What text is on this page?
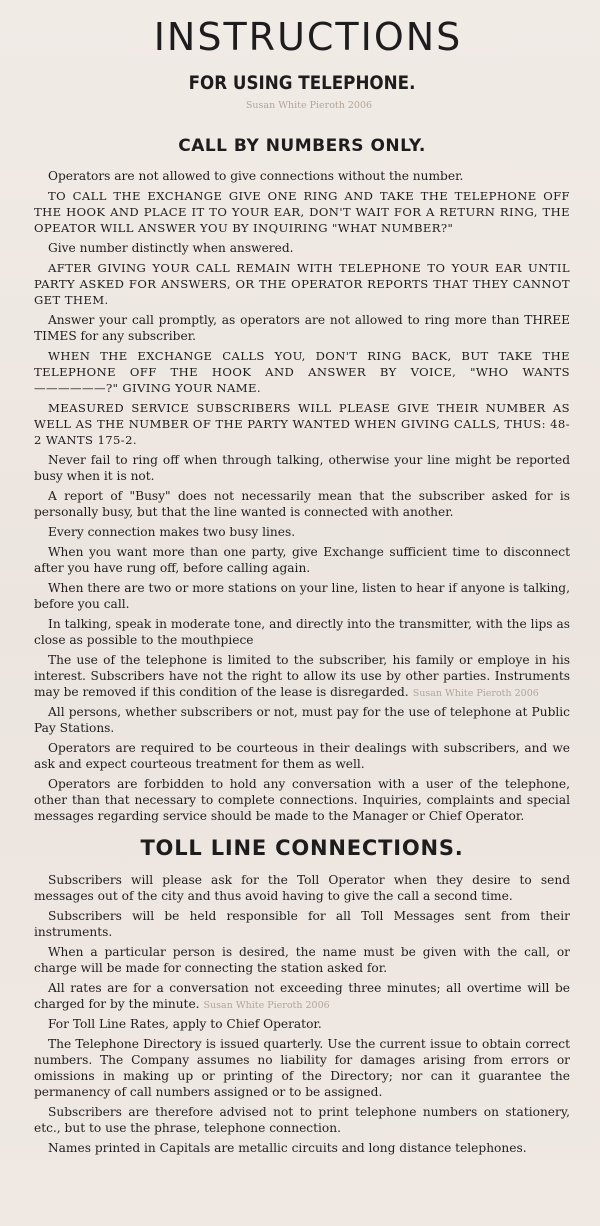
INSTRUCTIONS
FOR USING TELEPHONE.
Susan White Pieroth 2006
CALL BY NUMBERS ONLY.

Operators are not allowed to give connections without the number.

TO CALL THE EXCHANGE GIVE ONE RING AND TAKE THE TELEPHONE OFF THE HOOK AND PLACE IT TO YOUR EAR, DON'T WAIT FOR A RETURN RING, THE OPEATOR WILL ANSWER YOU BY INQUIRING "WHAT NUMBER?"

Give number distinctly when answered.

AFTER GIVING YOUR CALL REMAIN WITH TELEPHONE TO YOUR EAR UNTIL PARTY ASKED FOR ANSWERS, OR THE OPERATOR REPORTS THAT THEY CANNOT GET THEM.

Answer your call promptly, as operators are not allowed to ring more than THREE TIMES for any subscriber.

WHEN THE EXCHANGE CALLS YOU, DON'T RING BACK, BUT TAKE THE TELEPHONE OFF THE HOOK AND ANSWER BY VOICE, "WHO WANTS ——————?" GIVING YOUR NAME.

MEASURED SERVICE SUBSCRIBERS WILL PLEASE GIVE THEIR NUMBER AS WELL AS THE NUMBER OF THE PARTY WANTED WHEN GIVING CALLS, THUS: 48-2 WANTS 175-2.

Never fail to ring off when through talking, otherwise your line might be reported busy when it is not.

A report of "Busy" does not necessarily mean that the subscriber asked for is personally busy, but that the line wanted is connected with another.

Every connection makes two busy lines.

When you want more than one party, give Exchange sufficient time to disconnect after you have rung off, before calling again.

When there are two or more stations on your line, listen to hear if anyone is talking, before you call.

In talking, speak in moderate tone, and directly into the transmitter, with the lips as close as possible to the mouthpiece

The use of the telephone is limited to the subscriber, his family or employe in his interest. Subscribers have not the right to allow its use by other parties. Instruments may be removed if this condition of the lease is disregarded. Susan White Pieroth 2006

All persons, whether subscribers or not, must pay for the use of telephone at Public Pay Stations.

Operators are required to be courteous in their dealings with subscribers, and we ask and expect courteous treatment for them as well.

Operators are forbidden to hold any conversation with a user of the telephone, other than that necessary to complete connections. Inquiries, complaints and special messages regarding service should be made to the Manager or Chief Operator.

TOLL LINE CONNECTIONS.

Subscribers will please ask for the Toll Operator when they desire to send messages out of the city and thus avoid having to give the call a second time.

Subscribers will be held responsible for all Toll Messages sent from their instruments.

When a particular person is desired, the name must be given with the call, or charge will be made for connecting the station asked for.

All rates are for a conversation not exceeding three minutes; all overtime will be charged for by the minute. Susan White Pieroth 2006

For Toll Line Rates, apply to Chief Operator.

The Telephone Directory is issued quarterly. Use the current issue to obtain correct numbers. The Company assumes no liability for damages arising from errors or omissions in making up or printing of the Directory; nor can it guarantee the permanency of call numbers assigned or to be assigned.

Subscribers are therefore advised not to print telephone numbers on stationery, etc., but to use the phrase, telephone connection.

Names printed in Capitals are metallic circuits and long distance telephones.
